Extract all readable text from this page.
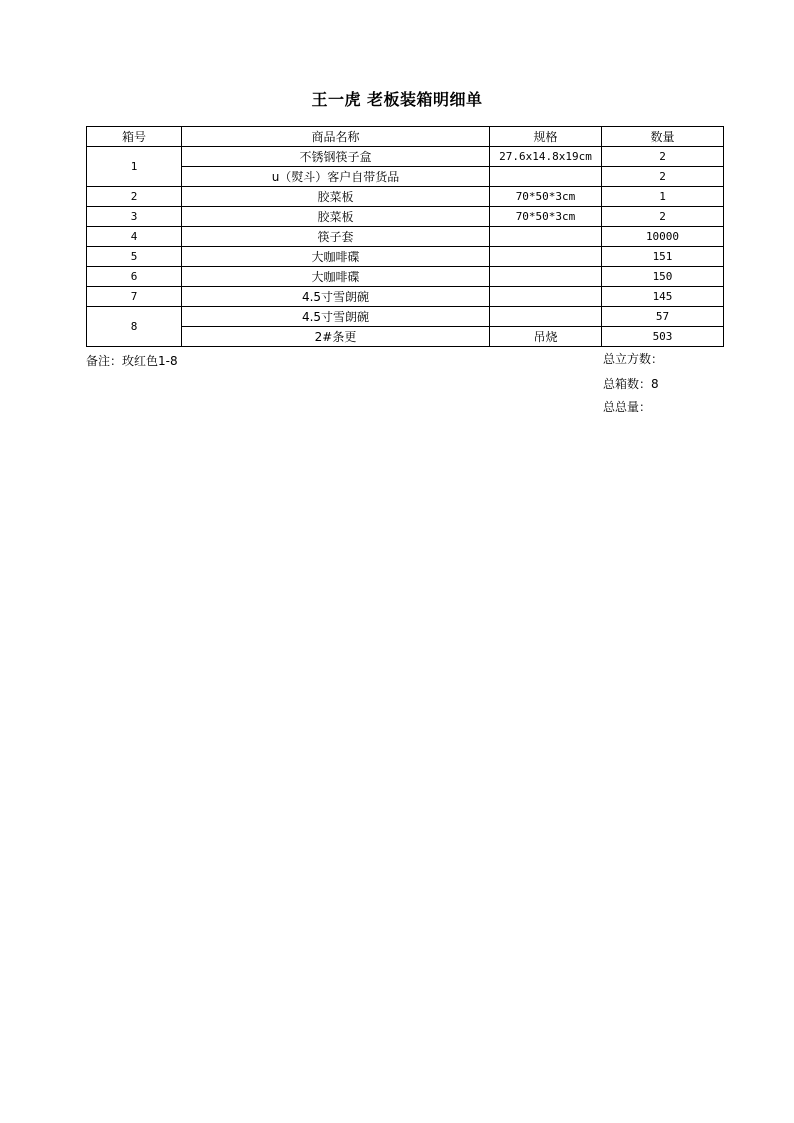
王一虎 老板装箱明细单
箱号	商品名称	规格	数量
1	不锈钢筷子盒	27.6x14.8x19cm	2
	u（熨斗）客户自带货品		2
2	胶菜板	70*50*3cm	1
3	胶菜板	70*50*3cm	2
4	筷子套		10000
5	大咖啡碟		151
6	大咖啡碟		150
7	4.5寸雪朗碗		145
8	4.5寸雪朗碗		57
	2#条更	吊烧	503
备注：玫红色1-8	总立方数：
总箱数：8
总总量：
